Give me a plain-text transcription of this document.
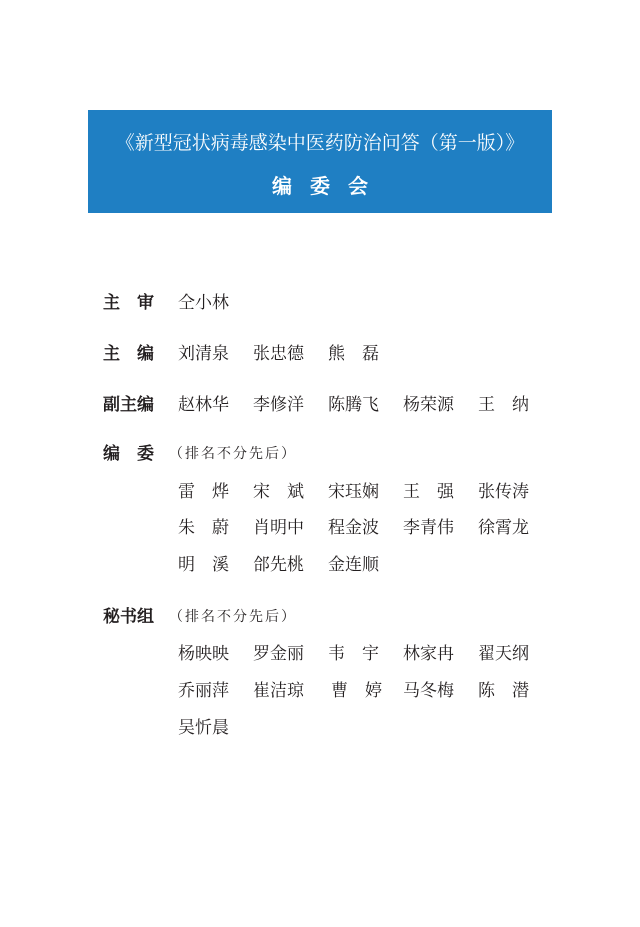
《新型冠状病毒感染中医药防治问答（第一版）》
编委会
主审 仝小林
主编 刘清泉 张忠德 熊　磊
副主编 赵林华 李修洋 陈腾飞 杨荣源 王　纳
编委
（排名不分先后）
雷　烨 宋　斌 宋珏娴 王　强 张传涛
朱　蔚 肖明中 程金波 李青伟 徐霄龙
明　溪 郃先桃 金连顺
秘书组 （排名不分先后）
杨映映 罗金丽 韦　宇 林家冉 翟天纲
乔丽萍 崔洁琼 曹　婷 马冬梅 陈　潜
吴忻晨
